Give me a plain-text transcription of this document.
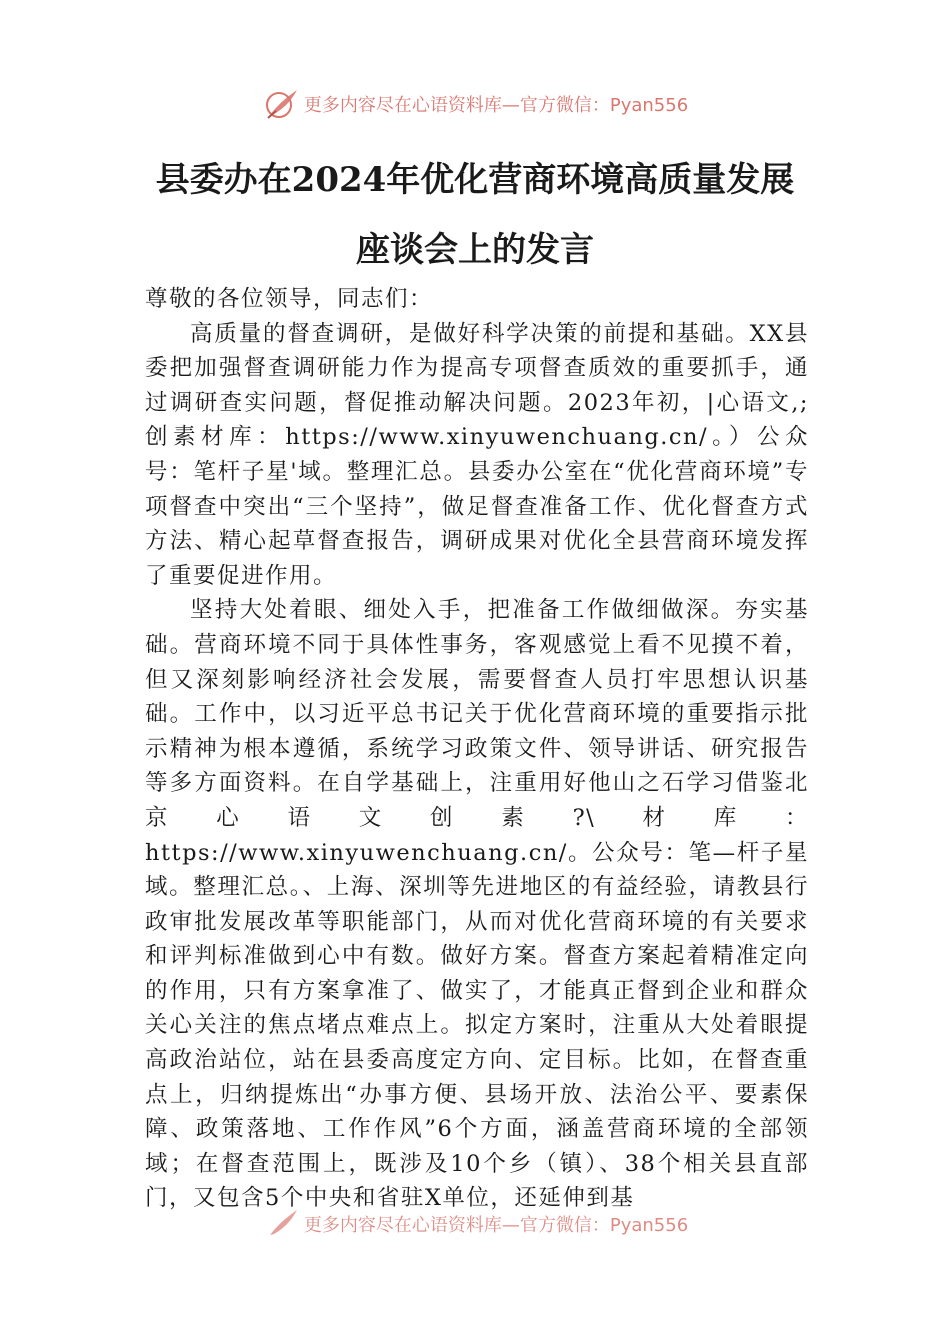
更多内容尽在心语资料库—官方微信：Pyan556
县委办在2024年优化营商环境高质量发展
座谈会上的发言

尊敬的各位领导，同志们：

高质量的督查调研，是做好科学决策的前提和基础。XX县委把加强督查调研能力作为提高专项督查质效的重要抓手，通过调研查实问题，督促推动解决问题。2023年初，|心语文,;创素材库：https://www.xinyuwenchuang.cn/。）公众号：笔杆子星'域。整理汇总。县委办公室在“优化营商环境”专项督查中突出“三个坚持”，做足督查准备工作、优化督查方式方法、精心起草督查报告，调研成果对优化全县营商环境发挥了重要促进作用。

坚持大处着眼、细处入手，把准备工作做细做深。夯实基础。营商环境不同于具体性事务，客观感觉上看不见摸不着，但又深刻影响经济社会发展，需要督查人员打牢思想认识基础。工作中，以习近平总书记关于优化营商环境的重要指示批示精神为根本遵循，系统学习政策文件、领导讲话、研究报告等多方面资料。在自学基础上，注重用好他山之石学习借鉴北京心语文创素?\材库：https://www.xinyuwenchuang.cn/。公众号：笔—杆子星域。整理汇总。、上海、深圳等先进地区的有益经验，请教县行政审批发展改革等职能部门，从而对优化营商环境的有关要求和评判标准做到心中有数。做好方案。督查方案起着精准定向的作用，只有方案拿准了、做实了，才能真正督到企业和群众关心关注的焦点堵点难点上。拟定方案时，注重从大处着眼提高政治站位，站在县委高度定方向、定目标。比如，在督查重点上，归纳提炼出“办事方便、县场开放、法治公平、要素保障、政策落地、工作作风”6个方面，涵盖营商环境的全部领域；在督查范围上，既涉及10个乡（镇）、38个相关县直部门，又包含5个中央和省驻X单位，还延伸到基

更多内容尽在心语资料库—官方微信：Pyan556
